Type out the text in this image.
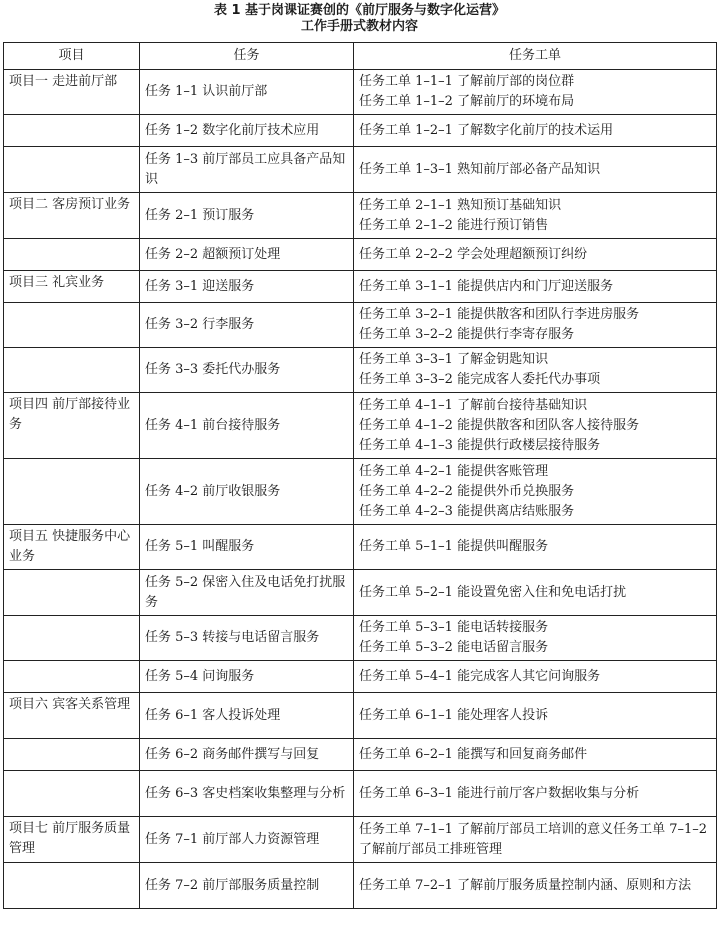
表 1 基于岗课证赛创的《前厅服务与数字化运营》

工作手册式教材内容

项目	任务	任务工单
项目一 走进前厅部	任务 1–1 认识前厅部	任务工单 1–1–1 了解前厅部的岗位群
任务工单 1–1–2 了解前厅的环境布局

	任务 1–2 数字化前厅技术应用	任务工单 1–2–1 了解数字化前厅的技术运用

	任务 1–3 前厅部员工应具备产品知识	任务工单 1–3–1 熟知前厅部必备产品知识

项目二 客房预订业务	任务 2–1 预订服务	任务工单 2–1–1 熟知预订基础知识
任务工单 2–1–2 能进行预订销售

	任务 2–2 超额预订处理	任务工单 2–2–2 学会处理超额预订纠纷

项目三 礼宾业务	任务 3–1 迎送服务	任务工单 3–1–1 能提供店内和门厅迎送服务

	任务 3–2 行李服务	任务工单 3–2–1 能提供散客和团队行李进房服务
任务工单 3–2–2 能提供行李寄存服务

	任务 3–3 委托代办服务	任务工单 3–3–1 了解金钥匙知识
任务工单 3–3–2 能完成客人委托代办事项

项目四 前厅部接待业务	任务 4–1 前台接待服务	任务工单 4–1–1 了解前台接待基础知识
任务工单 4–1–2 能提供散客和团队客人接待服务
任务工单 4–1–3 能提供行政楼层接待服务

	任务 4–2 前厅收银服务	任务工单 4–2–1 能提供客账管理
任务工单 4–2–2 能提供外币兑换服务
任务工单 4–2–3 能提供离店结账服务

项目五 快捷服务中心业务	任务 5–1 叫醒服务	任务工单 5–1–1 能提供叫醒服务

	任务 5–2 保密入住及电话免打扰服务	任务工单 5–2–1 能设置免密入住和免电话打扰

	任务 5–3 转接与电话留言服务	任务工单 5–3–1 能电话转接服务
任务工单 5–3–2 能电话留言服务

	任务 5–4 问询服务	任务工单 5–4–1 能完成客人其它问询服务

项目六 宾客关系管理	任务 6–1 客人投诉处理	任务工单 6–1–1 能处理客人投诉

	任务 6–2 商务邮件撰写与回复	任务工单 6–2–1 能撰写和回复商务邮件

	任务 6–3 客史档案收集整理与分析	任务工单 6–3–1 能进行前厅客户数据收集与分析

项目七 前厅服务质量管理	任务 7–1 前厅部人力资源管理	任务工单 7–1–1 了解前厅部员工培训的意义任务工单 7–1–2 了解前厅部员工排班管理

	任务 7–2 前厅部服务质量控制	任务工单 7–2–1 了解前厅服务质量控制内涵、原则和方法
